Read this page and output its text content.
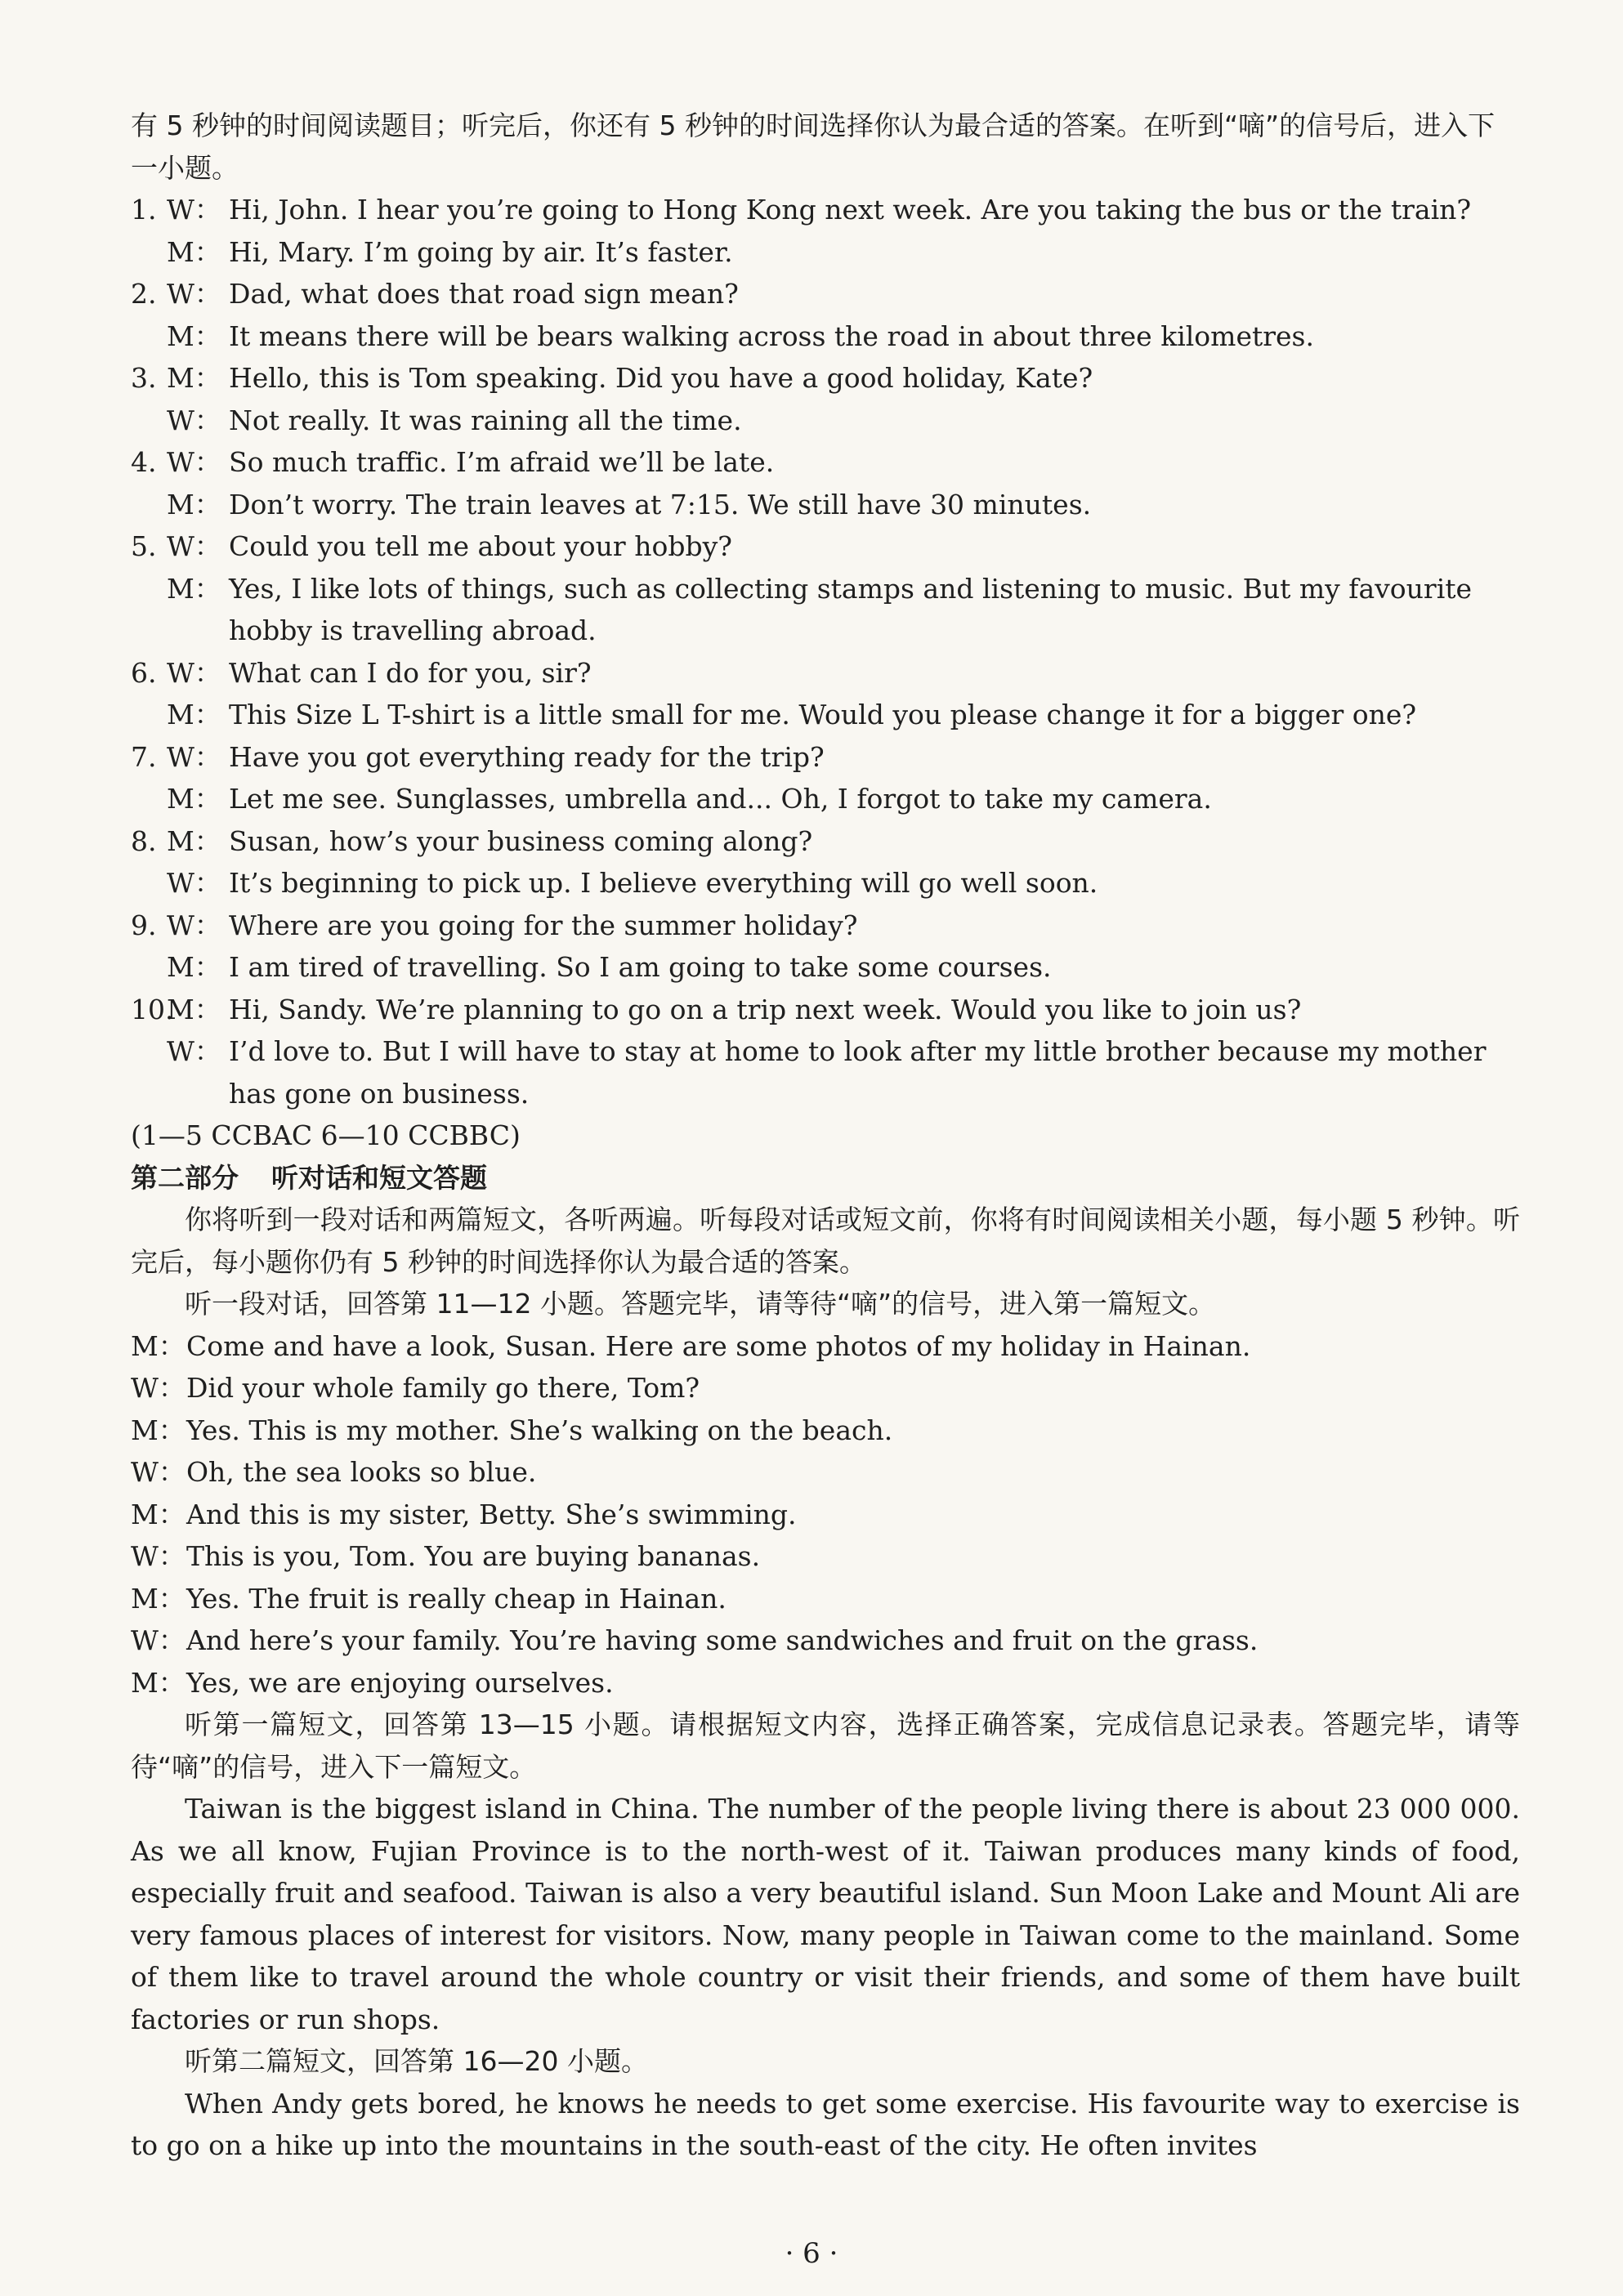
有 5 秒钟的时间阅读题目；听完后，你还有 5 秒钟的时间选择你认为最合适的答案。在听到“嘀”的信号后，进入下一小题。

1. W： Hi, John. I hear you’re going to Hong Kong next week. Are you taking the bus or the train?

M： Hi, Mary. I’m going by air. It’s faster.

2. W： Dad, what does that road sign mean?

M： It means there will be bears walking across the road in about three kilometres.

3. M： Hello, this is Tom speaking. Did you have a good holiday, Kate?

W： Not really. It was raining all the time.

4. W： So much traffic. I’m afraid we’ll be late.

M： Don’t worry. The train leaves at 7:15. We still have 30 minutes.

5. W： Could you tell me about your hobby?

M： Yes, I like lots of things, such as collecting stamps and listening to music. But my favourite hobby is travelling abroad.

6. W： What can I do for you, sir?

M： This Size L T-shirt is a little small for me. Would you please change it for a bigger one?

7. W： Have you got everything ready for the trip?

M： Let me see. Sunglasses, umbrella and... Oh, I forgot to take my camera.

8. M： Susan, how’s your business coming along?

W： It’s beginning to pick up. I believe everything will go well soon.

9. W： Where are you going for the summer holiday?

M： I am tired of travelling. So I am going to take some courses.

10.M： Hi, Sandy. We’re planning to go on a trip next week. Would you like to join us?

W： I’d love to. But I will have to stay at home to look after my little brother because my mother has gone on business.

(1—5 CCBAC 6—10 CCBBC)

第二部分 听对话和短文答题

你将听到一段对话和两篇短文，各听两遍。听每段对话或短文前，你将有时间阅读相关小题，每小题 5 秒钟。听完后，每小题你仍有 5 秒钟的时间选择你认为最合适的答案。

听一段对话，回答第 11—12 小题。答题完毕，请等待“嘀”的信号，进入第一篇短文。

M：Come and have a look, Susan. Here are some photos of my holiday in Hainan.

W：Did your whole family go there, Tom?

M：Yes. This is my mother. She’s walking on the beach.

W：Oh, the sea looks so blue.

M：And this is my sister, Betty. She’s swimming.

W：This is you, Tom. You are buying bananas.

M：Yes. The fruit is really cheap in Hainan.

W：And here’s your family. You’re having some sandwiches and fruit on the grass.

M：Yes, we are enjoying ourselves.

听第一篇短文，回答第 13—15 小题。请根据短文内容，选择正确答案，完成信息记录表。答题完毕，请等待“嘀”的信号，进入下一篇短文。

Taiwan is the biggest island in China. The number of the people living there is about 23 000 000. As we all know, Fujian Province is to the north-west of it. Taiwan produces many kinds of food, especially fruit and seafood. Taiwan is also a very beautiful island. Sun Moon Lake and Mount Ali are very famous places of interest for visitors. Now, many people in Taiwan come to the mainland. Some of them like to travel around the whole country or visit their friends, and some of them have built factories or run shops.

听第二篇短文，回答第 16—20 小题。

When Andy gets bored, he knows he needs to get some exercise. His favourite way to exercise is to go on a hike up into the mountains in the south-east of the city. He often invites

· 6 ·
